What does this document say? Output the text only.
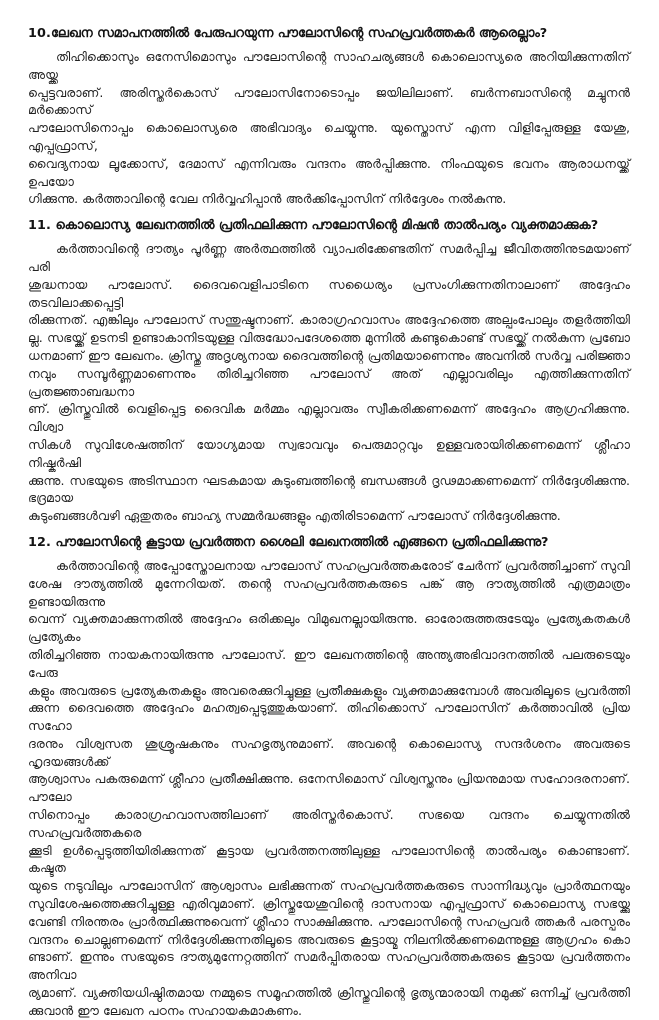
10.ലേഖന സമാപനത്തിൽ പേരുപറയുന്ന പൗലോസിന്റെ സഹപ്രവർത്തകർ ആരെല്ലാം?
തിഹിക്കൊസും ഒനേസിമൊസും പൗലോസിന്റെ സാഹചര്യങ്ങൾ കൊലൊസ്യരെ അറിയിക്കുന്നതിന് അയ്ക്ക
പ്പെട്ടവരാണ്. അരിസ്തർകൊസ് പൗലോസിനോടൊപ്പം ജയിലിലാണ്. ബർന്നബാസിന്റെ മച്ചുനൻ മർക്കൊസ്
പൗലോസിനൊപ്പം കൊലൊസ്യരെ അഭിവാദ്യം ചെയ്യുന്നു. യുസ്തൊസ് എന്ന വിളിപ്പേരുള്ള യേശു, എപ്പഫ്രാസ്,
വൈദ്യനായ ലൂക്കോസ്, ദേമാസ് എന്നിവരും വന്ദനം അർപ്പിക്കുന്നു. നിംഫയുടെ ഭവനം ആരാധനയ്ക്ക് ഉപയോ
ഗിക്കുന്നു. കർത്താവിന്റെ വേല നിർവ്വഹിപ്പാൻ അർക്കിപ്പോസിന് നിർദ്ദേശം നൽകുന്നു.
11. കൊലൊസ്യ ലേഖനത്തിൽ പ്രതിഫലിക്കുന്ന പൗലോസിന്റെ മിഷൻ താൽപര്യം വ്യക്തമാക്കുക?
കർത്താവിന്റെ ദൗത്യം പൂർണ്ണ അർത്ഥത്തിൽ വ്യാപരിക്കേണ്ടതിന് സമർപ്പിച്ച ജീവിതത്തിനുടമയാണ് പരി
ശുദ്ധനായ പൗലോസ്. ദൈവവെളിപാടിനെ സധൈര്യം പ്രസംഗിക്കുന്നതിനാലാണ് അദ്ദേഹം തടവിലാക്കപ്പെട്ടി
രിക്കുന്നത്. എങ്കിലും പൗലോസ് സന്തുഷ്ടനാണ്. കാരാഗ്രഹവാസം അദ്ദേഹത്തെ അല്പംപോലും തളർത്തിയി
ല്ല. സഭയ്ക്ക് ഉടനടി ഉണ്ടാകാനിടയുള്ള വിരുദ്ധോപദേശത്തെ മുന്നിൽ കണ്ടുകൊണ്ട് സഭയ്ക്ക് നൽകുന്ന പ്രബോ
ധനമാണ് ഈ ലേഖനം. ക്രിസ്തു അദൃശ്യനായ ദൈവത്തിന്റെ പ്രതിമയാണെന്നും അവനിൽ സർവ്വ പരിജ്ഞാ
നവും സമ്പൂർണ്ണമാണെന്നും തിരിച്ചറിഞ്ഞ പൗലോസ് അത് എല്ലാവരിലും എത്തിക്കുന്നതിന് പ്രതജ്ഞാബദ്ധനാ
ണ്. ക്രിസ്തുവിൽ വെളിപ്പെട്ട ദൈവിക മർമ്മം എല്ലാവരും സ്വീകരിക്കണമെന്ന് അദ്ദേഹം ആഗ്രഹിക്കുന്നു. വിശ്വാ
സികൾ സുവിശേഷത്തിന് യോഗ്യമായ സ്വഭാവവും പെരുമാറ്റവും ഉള്ളവരായിരിക്കണമെന്ന് ശ്ലീഹാ നിഷ്കർഷി
ക്കുന്നു. സഭയുടെ അടിസ്ഥാന ഘടകമായ കുടുംബത്തിന്റെ ബന്ധങ്ങൾ ദൃഢമാക്കണമെന്ന് നിർദ്ദേശിക്കുന്നു. ഭദ്രമായ
കുടുംബങ്ങൾവഴി ഏതുതരം ബാഹ്യ സമ്മർദ്ധങ്ങളും എതിരിടാമെന്ന് പൗലോസ് നിർദ്ദേശിക്കുന്നു.
12. പൗലോസിന്റെ കൂട്ടായ പ്രവർത്തന ശൈലി ലേഖനത്തിൽ എങ്ങനെ പ്രതിഫലിക്കുന്നു?
കർത്താവിന്റെ അപ്പോസ്തോലനായ പൗലോസ് സഹപ്രവർത്തകരോട് ചേർന്ന് പ്രവർത്തിച്ചാണ് സുവി
ശേഷ ദൗത്യത്തിൽ മുന്നേറിയത്. തന്റെ സഹപ്രവർത്തകരുടെ പങ്ക് ആ ദൗത്യത്തിൽ എത്രമാത്രം ഉണ്ടായിരുന്നു
വെന്ന് വ്യക്തമാക്കുന്നതിൽ അദ്ദേഹം ഒരിക്കലും വിമുഖനല്ലായിരുന്നു. ഓരോരുത്തരുടേയും പ്രത്യേകതകൾ പ്രത്യേകം
തിരിച്ചറിഞ്ഞ നായകനായിരുന്നു പൗലോസ്. ഈ ലേഖനത്തിന്റെ അന്ത്യഅഭിവാദനത്തിൽ പലരുടെയും പേരു
കളും അവരുടെ പ്രത്യേകതകളും അവരെക്കുറിച്ചുള്ള പ്രതീക്ഷകളും വ്യക്തമാക്കുമ്പോൾ അവരിലൂടെ പ്രവർത്തി
ക്കുന്ന ദൈവത്തെ അദ്ദേഹം മഹത്വപ്പെടുത്തുകയാണ്. തിഹിക്കൊസ് പൗലോസിന് കർത്താവിൽ പ്രിയ സഹോ
ദരനും വിശ്വസത ശുശ്രൂഷകനും സഹഭൃത്യനുമാണ്. അവന്റെ കൊലൊസ്യ സന്ദർശനം അവരുടെ ഹൃദയങ്ങൾക്ക്
ആശ്വാസം പകരുമെന്ന് ശ്ലീഹാ പ്രതീക്ഷിക്കുന്നു. ഒനേസിമൊസ് വിശ്വസ്തനും പ്രിയനുമായ സഹോദരനാണ്. പൗലോ
സിനൊപ്പം കാരാഗ്രഹവാസത്തിലാണ് അരിസ്തർകൊസ്. സഭയെ വന്ദനം ചെയ്യുന്നതിൽ സഹപ്രവർത്തകരെ
ക്കൂടി ഉൾപ്പെടുത്തിയിരിക്കുന്നത് കൂട്ടായ പ്രവർത്തനത്തിലുള്ള പൗലോസിന്റെ താൽപര്യം കൊണ്ടാണ്. കഷ്ടത
യുടെ നടുവിലും പൗലോസിന് ആശ്വാസം ലഭിക്കുന്നത് സഹപ്രവർത്തകരുടെ സാന്നിദ്ധ്യവും പ്രാർത്ഥനയും
സുവിശേഷത്തെക്കുറിച്ചുള്ള എരിവുമാണ്. ക്രിസ്തുയേശുവിന്റെ ദാസനായ എപ്പഫ്രാസ് കൊലൊസ്യ സഭയ്ക്കു
വേണ്ടി നിരന്തരം പ്രാർത്ഥിക്കുന്നുവെന്ന് ശ്ലീഹാ സാക്ഷിക്കുന്നു. പൗലോസിന്റെ സഹപ്രവർ ത്തകർ പരസ്പരം
വന്ദനം ചൊല്ലണമെന്ന് നിർദ്ദേശിക്കുന്നതിലൂടെ അവരുടെ കൂട്ടായ്മ നിലനിൽക്കണമെന്നുള്ള ആഗ്രഹം കൊ
ണ്ടാണ്. ഇന്നും സഭയുടെ ദൗത്യമുന്നേറ്റത്തിന് സമർപ്പിതരായ സഹപ്രവർത്തകരുടെ കൂട്ടായ പ്രവർത്തനം അനിവാ
ര്യമാണ്. വ്യക്തിയധിഷ്ഠിതമായ നമ്മുടെ സമൂഹത്തിൽ ക്രിസ്തുവിന്റെ ഭൃത്യന്മാരായി നമുക്ക് ഒന്നിച്ച് പ്രവർത്തി
ക്കുവാൻ ഈ ലേഖന പഠനം സഹായകമാകണം.
